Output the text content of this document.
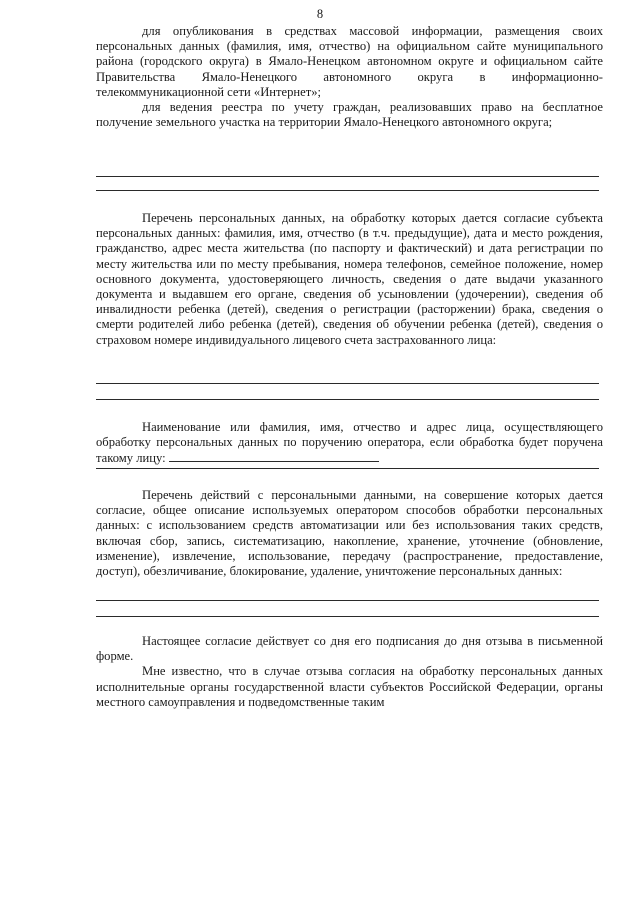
8

для опубликования в средствах массовой информации, размещения своих персональных данных (фамилия, имя, отчество) на официальном сайте муниципального района (городского округа) в Ямало-Ненецком автономном округе и официальном сайте Правительства Ямало-Ненецкого автономного округа в информационно-телекоммуникационной сети «Интернет»;

для ведения реестра по учету граждан, реализовавших право на бесплатное получение земельного участка на территории Ямало-Ненецкого автономного округа;

Перечень персональных данных, на обработку которых дается согласие субъекта персональных данных: фамилия, имя, отчество (в т.ч. предыдущие), дата и место рождения, гражданство, адрес места жительства (по паспорту и фактический) и дата регистрации по месту жительства или по месту пребывания, номера телефонов, семейное положение, номер основного документа, удостоверяющего личность, сведения о дате выдачи указанного документа и выдавшем его органе, сведения об усыновлении (удочерении), сведения об инвалидности ребенка (детей), сведения о регистрации (расторжении) брака, сведения о смерти родителей либо ребенка (детей), сведения об обучении ребенка (детей), сведения о страховом номере индивидуального лицевого счета застрахованного лица:

Наименование или фамилия, имя, отчество и адрес лица, осуществляющего обработку персональных данных по поручению оператора, если обработка будет поручена такому лицу:

Перечень действий с персональными данными, на совершение которых дается согласие, общее описание используемых оператором способов обработки персональных данных: с использованием средств автоматизации или без использования таких средств, включая сбор, запись, систематизацию, накопление, хранение, уточнение (обновление, изменение), извлечение, использование, передачу (распространение, предоставление, доступ), обезличивание, блокирование, удаление, уничтожение персональных данных:

Настоящее согласие действует со дня его подписания до дня отзыва в письменной форме.

Мне известно, что в случае отзыва согласия на обработку персональных данных исполнительные органы государственной власти субъектов Российской Федерации, органы местного самоуправления и подведомственные таким
